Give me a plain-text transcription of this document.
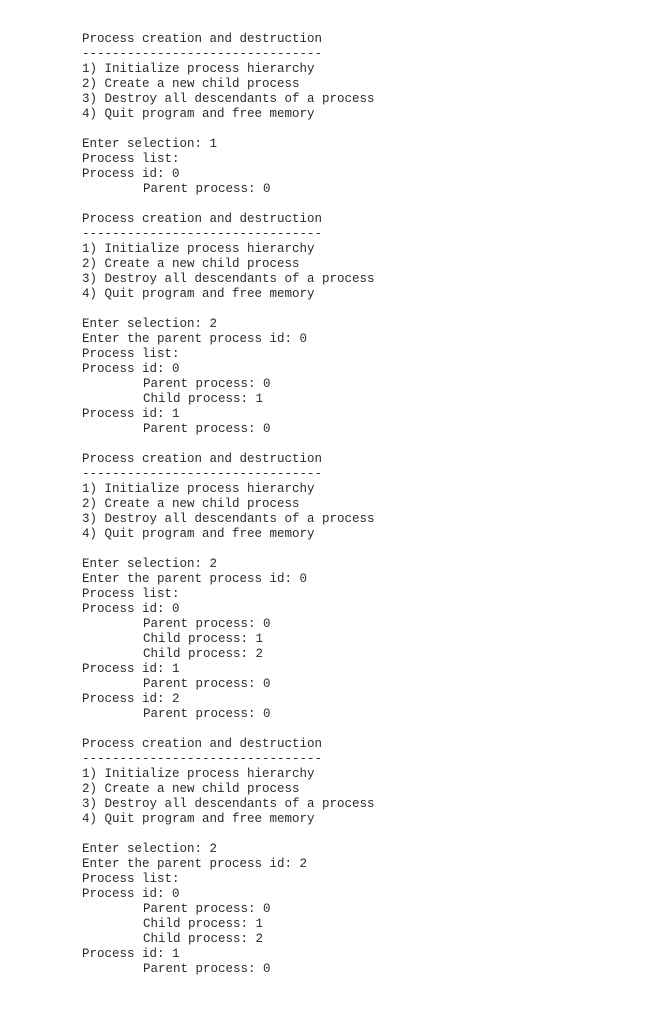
Process creation and destruction
--------------------------------
1) Initialize process hierarchy
2) Create a new child process
3) Destroy all descendants of a process
4) Quit program and free memory
Enter selection: 1
Process list:
Process id: 0
Parent process: 0
Process creation and destruction
--------------------------------
1) Initialize process hierarchy
2) Create a new child process
3) Destroy all descendants of a process
4) Quit program and free memory
Enter selection: 2
Enter the parent process id: 0
Process list:
Process id: 0
Parent process: 0
Child process: 1
Process id: 1
Parent process: 0
Process creation and destruction
--------------------------------
1) Initialize process hierarchy
2) Create a new child process
3) Destroy all descendants of a process
4) Quit program and free memory
Enter selection: 2
Enter the parent process id: 0
Process list:
Process id: 0
Parent process: 0
Child process: 1
Child process: 2
Process id: 1
Parent process: 0
Process id: 2
Parent process: 0
Process creation and destruction
--------------------------------
1) Initialize process hierarchy
2) Create a new child process
3) Destroy all descendants of a process
4) Quit program and free memory
Enter selection: 2
Enter the parent process id: 2
Process list:
Process id: 0
Parent process: 0
Child process: 1
Child process: 2
Process id: 1
Parent process: 0
